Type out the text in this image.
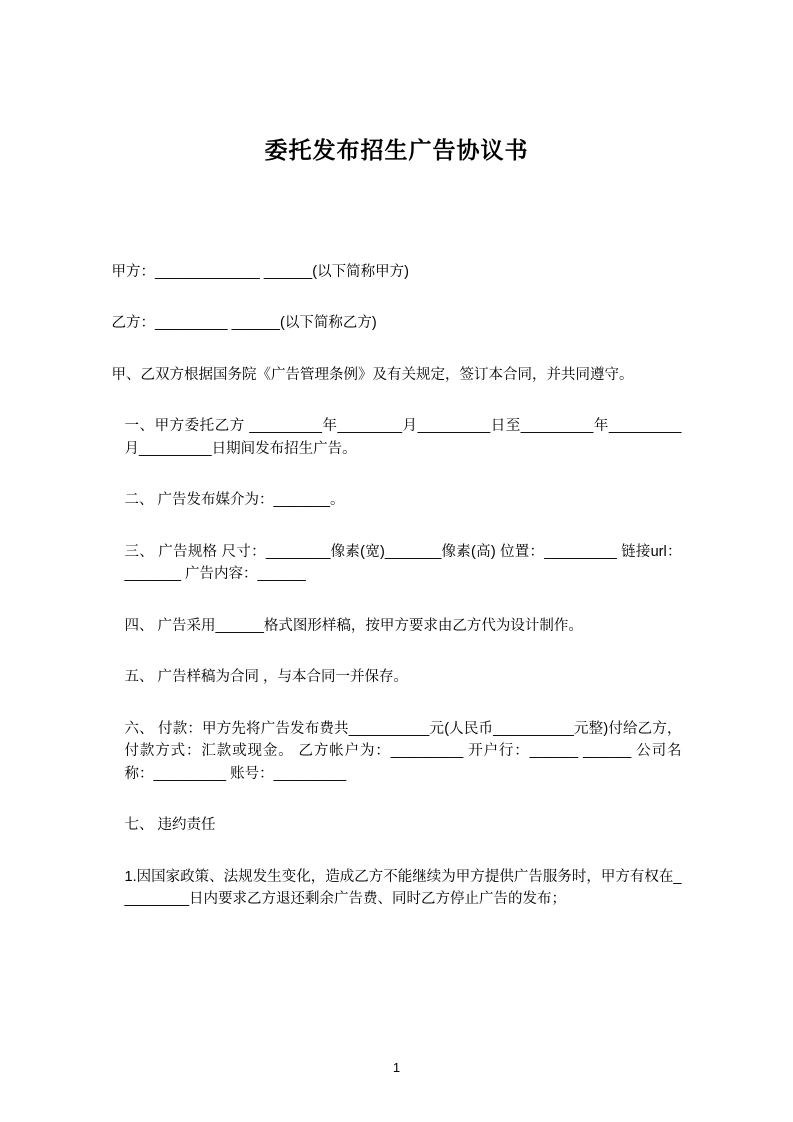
委托发布招生广告协议书

甲方：_____________ ______(以下简称甲方)

乙方：_________ ______(以下简称乙方)

甲、乙双方根据国务院《广告管理条例》及有关规定，签订本合同，并共同遵守。

一、甲方委托乙方 _________年________月_________日至_________年_________月_________日期间发布招生广告。

二、 广告发布媒介为：_______。

三、 广告规格 尺寸：________像素(宽)_______像素(高) 位置：_________ 链接url：_______ 广告内容：______

四、 广告采用______格式图形样稿，按甲方要求由乙方代为设计制作。

五、 广告样稿为合同 ，与本合同一并保存。

六、 付款：甲方先将广告发布费共__________元(人民币__________元整)付给乙方，付款方式：汇款或现金。 乙方帐户为：_________ 开户行：______ ______ 公司名称：_________ 账号：_________

七、 违约责任

1.因国家政策、法规发生变化，造成乙方不能继续为甲方提供广告服务时，甲方有权在_________日内要求乙方退还剩余广告费、同时乙方停止广告的发布；

1
